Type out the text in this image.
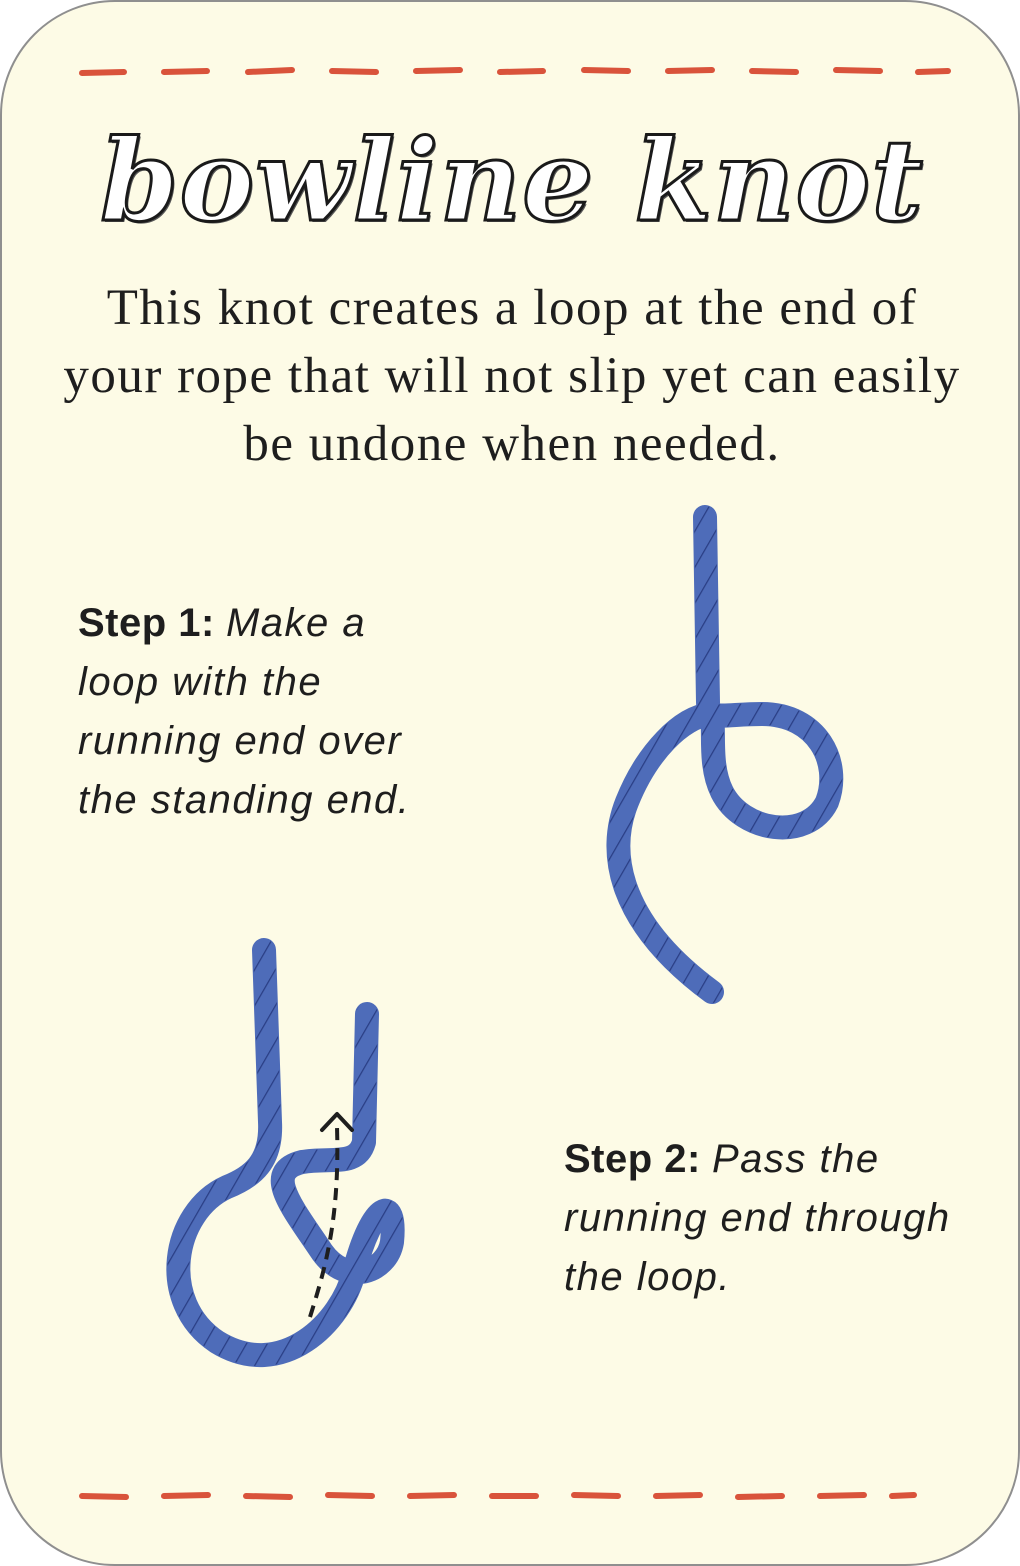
bowline knot

This knot creates a loop at the end of your rope that will not slip yet can easily be undone when needed.

Step 1: Make a loop with the running end over the standing end.
Step 2: Pass the running end through the loop.
